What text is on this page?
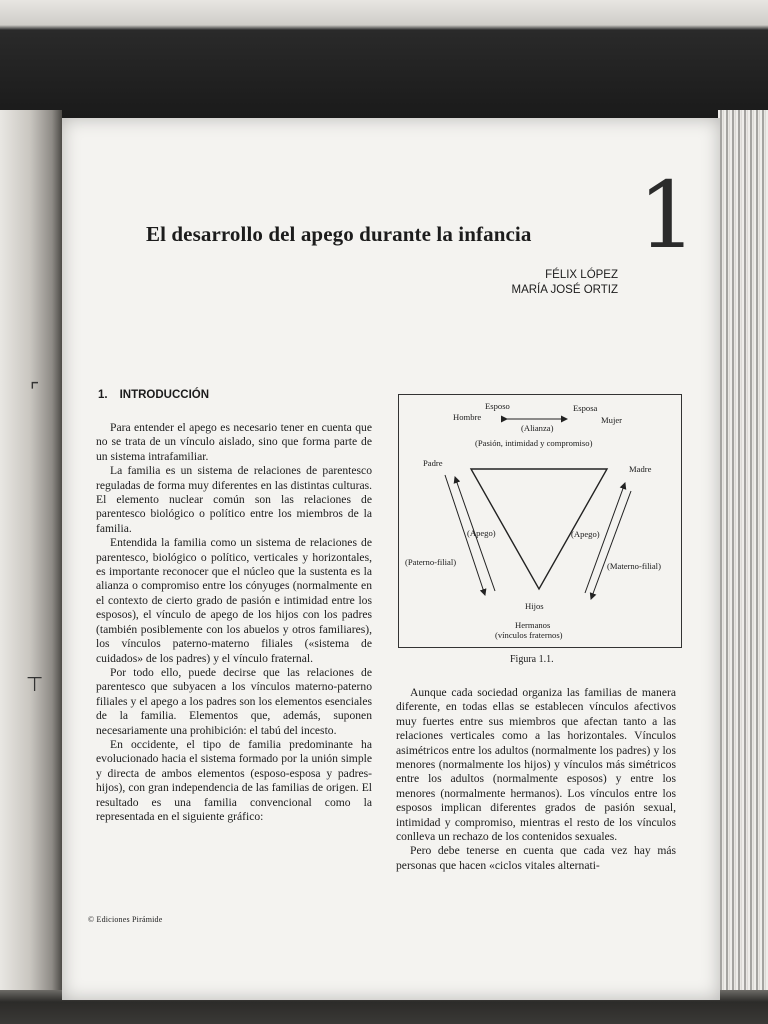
⌜
⊤
El desarrollo del apego durante la infancia	1
FÉLIX LÓPEZ
MARÍA JOSÉ ORTIZ
1. INTRODUCCIÓN

Para entender el apego es necesario tener en cuenta que no se trata de un vínculo aislado, sino que forma parte de un sistema intrafamiliar.

La familia es un sistema de relaciones de parentesco reguladas de forma muy diferentes en las distintas culturas. El elemento nuclear común son las relaciones de parentesco biológico o político entre los miembros de la familia.

Entendida la familia como un sistema de relaciones de parentesco, biológico o político, verticales y horizontales, es importante reconocer que el núcleo que la sustenta es la alianza o compromiso entre los cónyuges (normalmente en el contexto de cierto grado de pasión e intimidad entre los esposos), el vínculo de apego de los hijos con los padres (también posiblemente con los abuelos y otros familiares), los vínculos paterno-materno filiales («sistema de cuidados» de los padres) y el vínculo fraternal.

Por todo ello, puede decirse que las relaciones de parentesco que subyacen a los vínculos materno-paterno filiales y el apego a los padres son los elementos esenciales de la familia. Elementos que, además, suponen necesariamente una prohibición: el tabú del incesto.

En occidente, el tipo de familia predominante ha evolucionado hacia el sistema formado por la unión simple y directa de ambos elementos (esposo-esposa y padres-hijos), con gran independencia de las familias de origen. El resultado es una familia convencional como la representada en el siguiente gráfico:

Esposo	Esposa
Hombre	Mujer
(Alianza)
(Pasión, intimidad y compromiso)
Padre
Madre
(Apego)	(Apego)
(Paterno-filial)	(Materno-filial)
Hijos
Hermanos
(vínculos fraternos)
Figura 1.1.

Aunque cada sociedad organiza las familias de manera diferente, en todas ellas se establecen vínculos afectivos muy fuertes entre sus miembros que afectan tanto a las relaciones verticales como a las horizontales. Vínculos asimétricos entre los adultos (normalmente los padres) y los menores (normalmente los hijos) y vínculos más simétricos entre los adultos (normalmente esposos) y entre los menores (normalmente hermanos). Los vínculos entre los esposos implican diferentes grados de pasión sexual, intimidad y compromiso, mientras el resto de los vínculos conlleva un rechazo de los contenidos sexuales.

Pero debe tenerse en cuenta que cada vez hay más personas que hacen «ciclos vitales alternati-

© Ediciones Pirámide
